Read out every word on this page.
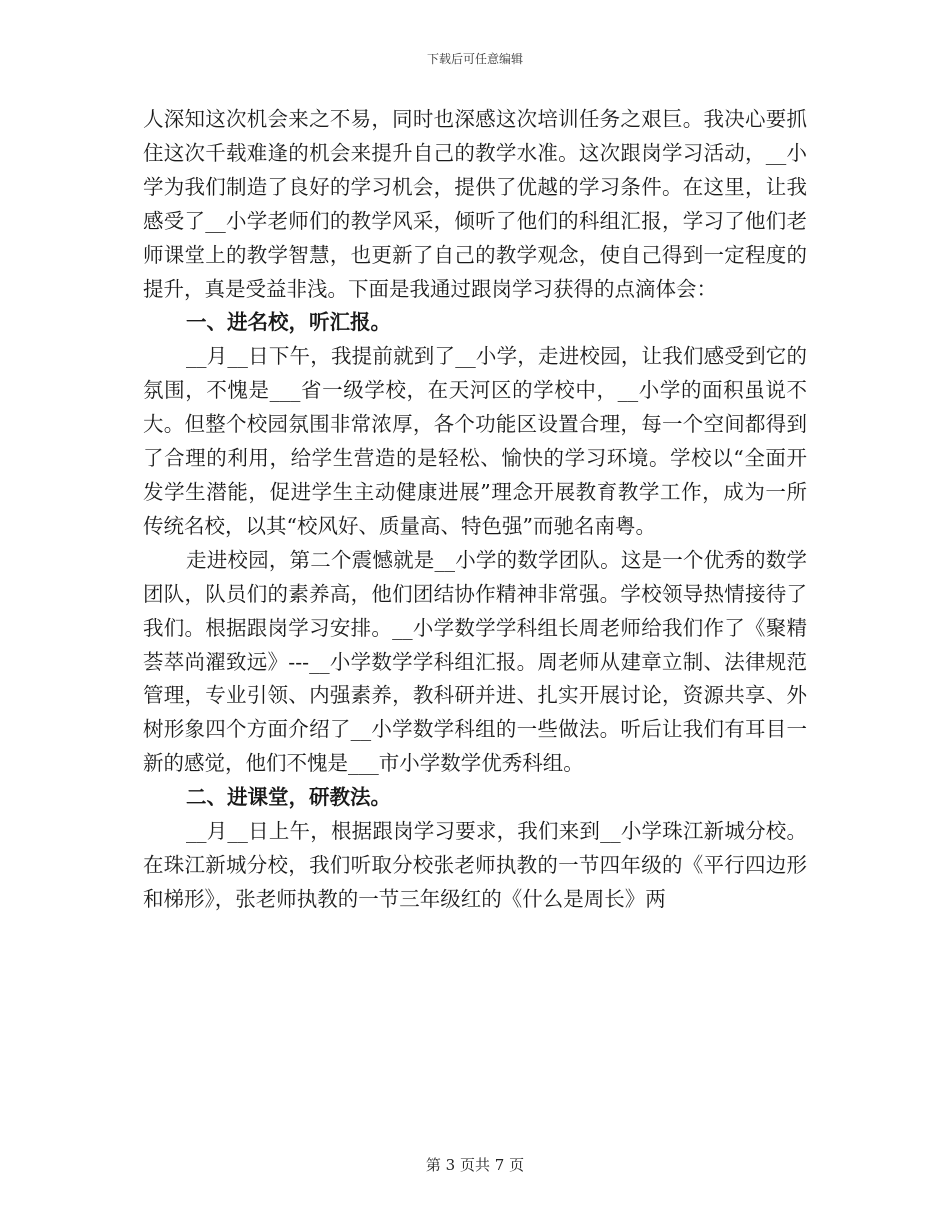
下载后可任意编辑

人深知这次机会来之不易，同时也深感这次培训任务之艰巨。我决心要抓住这次千载难逢的机会来提升自己的教学水准。这次跟岗学习活动，__小学为我们制造了良好的学习机会，提供了优越的学习条件。在这里，让我感受了__小学老师们的教学风采，倾听了他们的科组汇报，学习了他们老师课堂上的教学智慧，也更新了自己的教学观念，使自己得到一定程度的提升，真是受益非浅。下面是我通过跟岗学习获得的点滴体会：

一、进名校，听汇报。

__月__日下午，我提前就到了__小学，走进校园，让我们感受到它的氛围，不愧是___省一级学校，在天河区的学校中，__小学的面积虽说不大。但整个校园氛围非常浓厚，各个功能区设置合理，每一个空间都得到了合理的利用，给学生营造的是轻松、愉快的学习环境。学校以“全面开发学生潜能，促进学生主动健康进展”理念开展教育教学工作，成为一所传统名校，以其“校风好、质量高、特色强”而驰名南粤。

走进校园，第二个震憾就是__小学的数学团队。这是一个优秀的数学团队，队员们的素养高，他们团结协作精神非常强。学校领导热情接待了我们。根据跟岗学习安排。__小学数学学科组长周老师给我们作了《聚精荟萃尚濯致远》---__小学数学学科组汇报。周老师从建章立制、法律规范管理，专业引领、内强素养，教科研并进、扎实开展讨论，资源共享、外树形象四个方面介绍了__小学数学科组的一些做法。听后让我们有耳目一新的感觉，他们不愧是___市小学数学优秀科组。

二、进课堂，研教法。

__月__日上午，根据跟岗学习要求，我们来到__小学珠江新城分校。在珠江新城分校，我们听取分校张老师执教的一节四年级的《平行四边形和梯形》，张老师执教的一节三年级红的《什么是周长》两

第 3 页共 7 页
